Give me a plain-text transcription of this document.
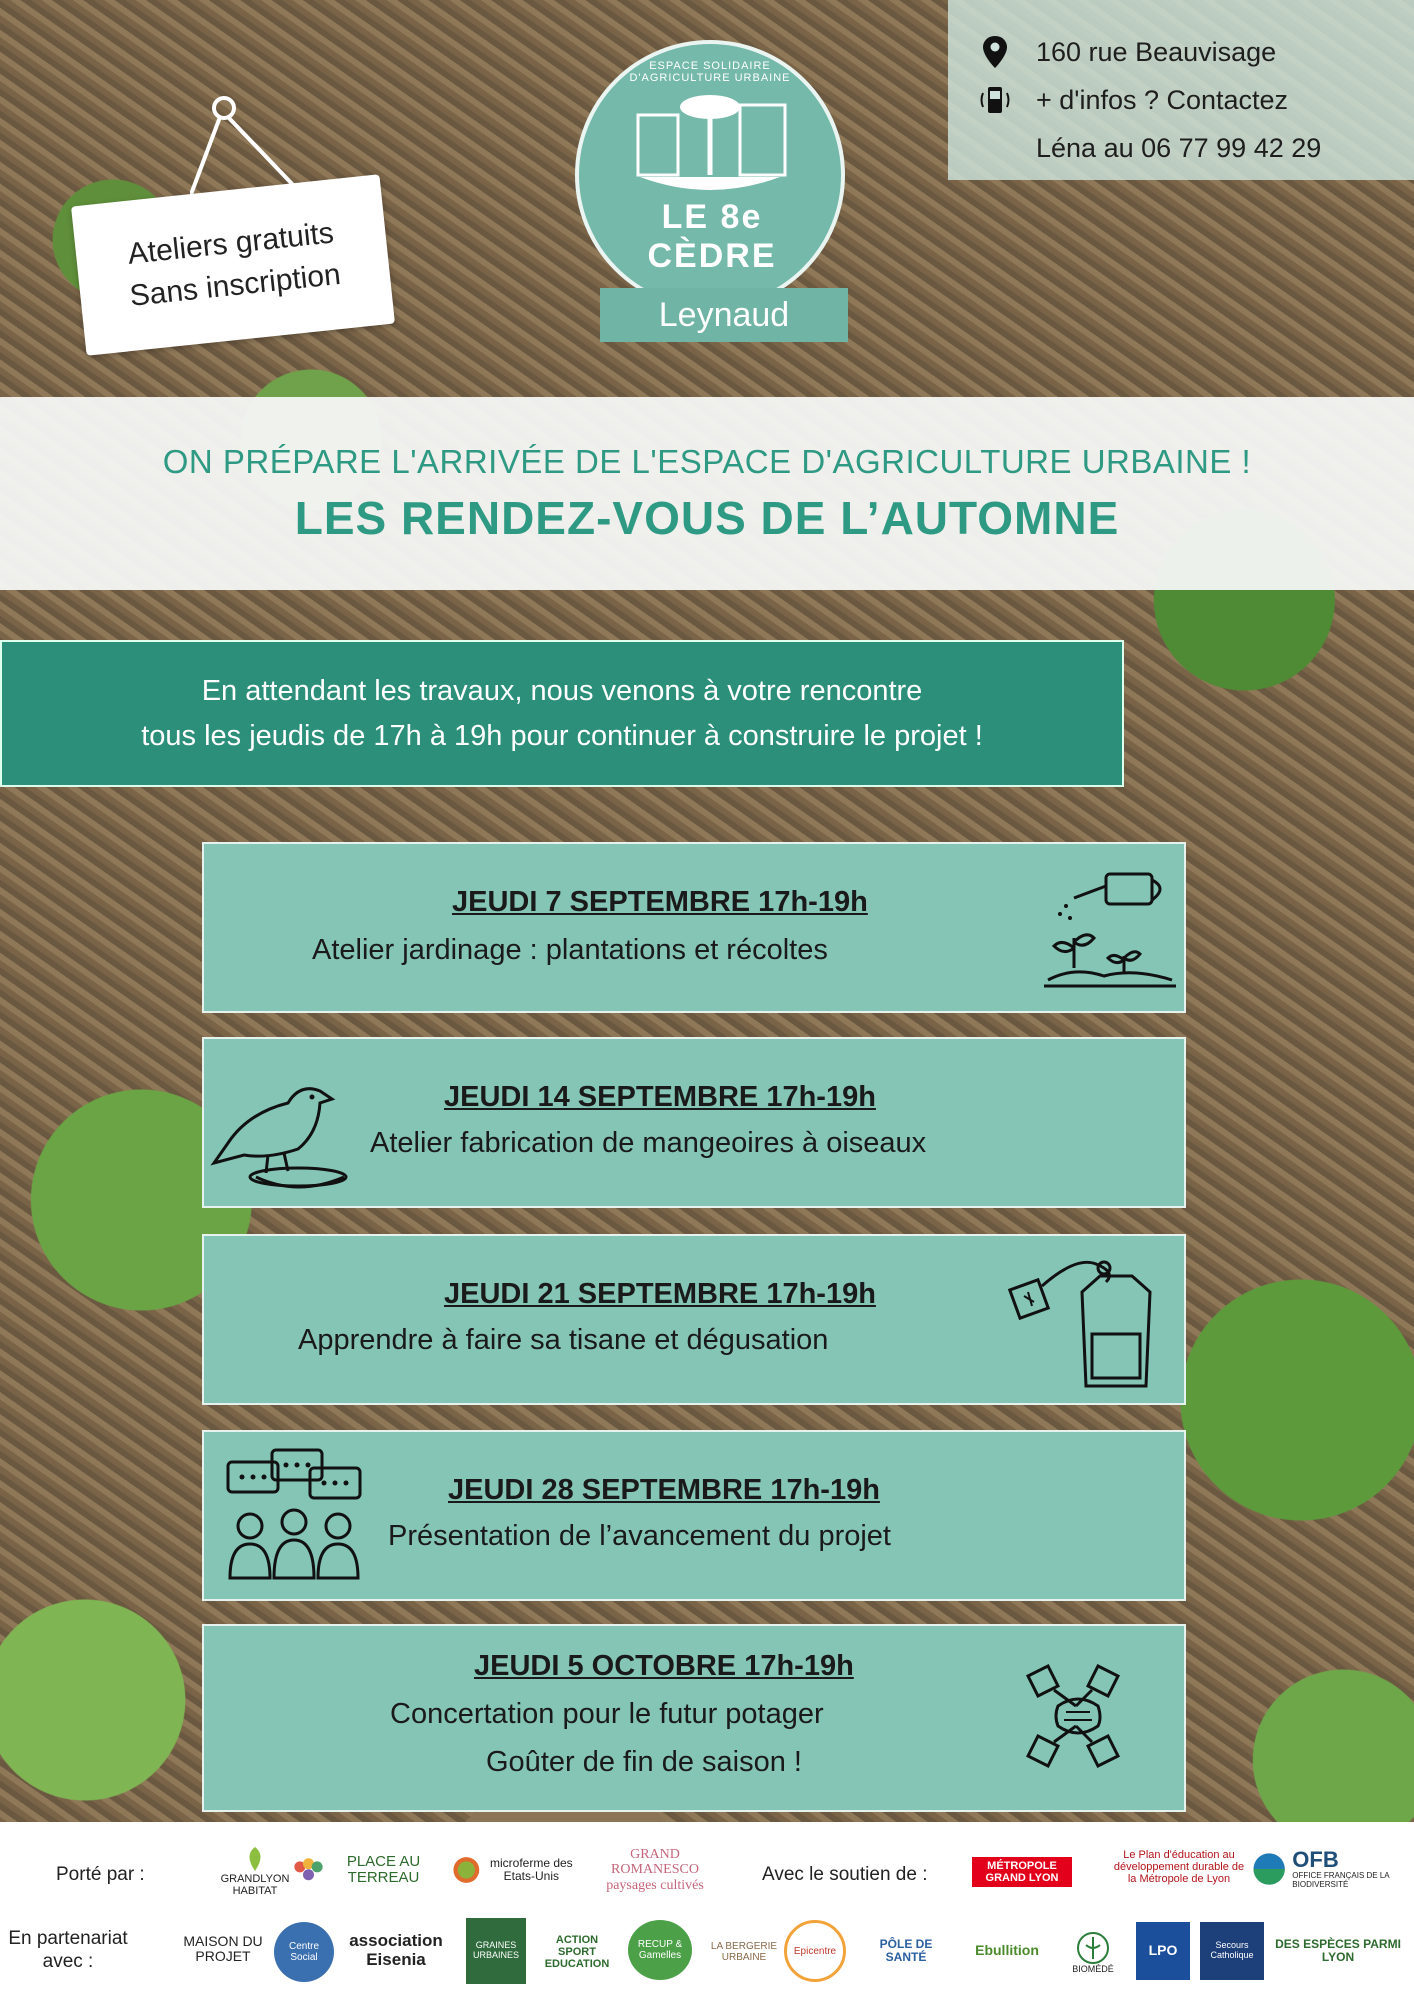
Ateliers gratuits
Sans inscription
ESPACE SOLIDAIRE D'AGRICULTURE URBAINE
LE 8e CÈDRE
Leynaud
160 rue Beauvisage
+ d'infos ? Contactez
Léna au 06 77 99 42 29
ON PRÉPARE L'ARRIVÉE DE L'ESPACE D'AGRICULTURE URBAINE !
LES RENDEZ-VOUS DE L’AUTOMNE
En attendant les travaux, nous venons à votre rencontre
tous les jeudis de 17h à 19h pour continuer à construire le projet !
JEUDI 7 SEPTEMBRE 17h-19h
Atelier jardinage : plantations et récoltes
JEUDI 14 SEPTEMBRE 17h-19h
Atelier fabrication de mangeoires à oiseaux
JEUDI 21 SEPTEMBRE 17h-19h
Apprendre à faire sa tisane et dégusation
JEUDI 28 SEPTEMBRE 17h-19h
Présentation de l’avancement du projet
JEUDI 5 OCTOBRE 17h-19h
Concertation pour le futur potager
Goûter de fin de saison !
Porté par :	Avec le soutien de :
En partenariat avec :
GRANDLYON HABITAT
PLACE AU TERREAU
microferme des Etats-Unis
GRAND ROMANESCO paysages cultivés
MÉTROPOLE GRAND LYON
Le Plan d'éducation au développement durable de la Métropole de Lyon
OFB
OFFICE FRANÇAIS DE LA BIODIVERSITÉ
MAISON DU PROJET
Centre Social
association Eisenia
GRAINES URBAINES
ACTION SPORT EDUCATION
RECUP & Gamelles
LA BERGERIE URBAINE
Epicentre
PÔLE DE SANTÉ	Ebullition
BIOMÉDÉ
LPO	Secours Catholique
DES ESPÈCES PARMI LYON
